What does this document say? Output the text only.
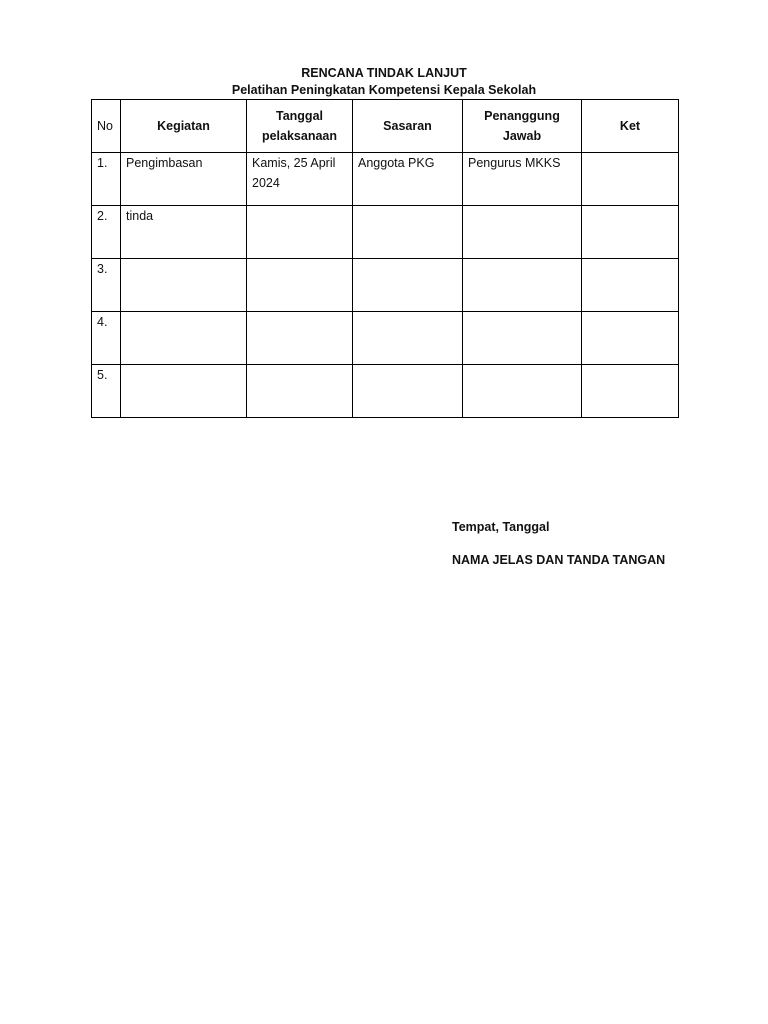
RENCANA TINDAK LANJUT
Pelatihan Peningkatan Kompetensi Kepala Sekolah
No	Kegiatan	Tanggal pelaksanaan	Sasaran	Penanggung Jawab	Ket

1.	Pengimbasan	Kamis, 25 April 2024	Anggota PKG	Pengurus MKKS	

2.	tinda				

3.					

4.					

5.					

Tempat, Tanggal
NAMA JELAS DAN TANDA TANGAN
